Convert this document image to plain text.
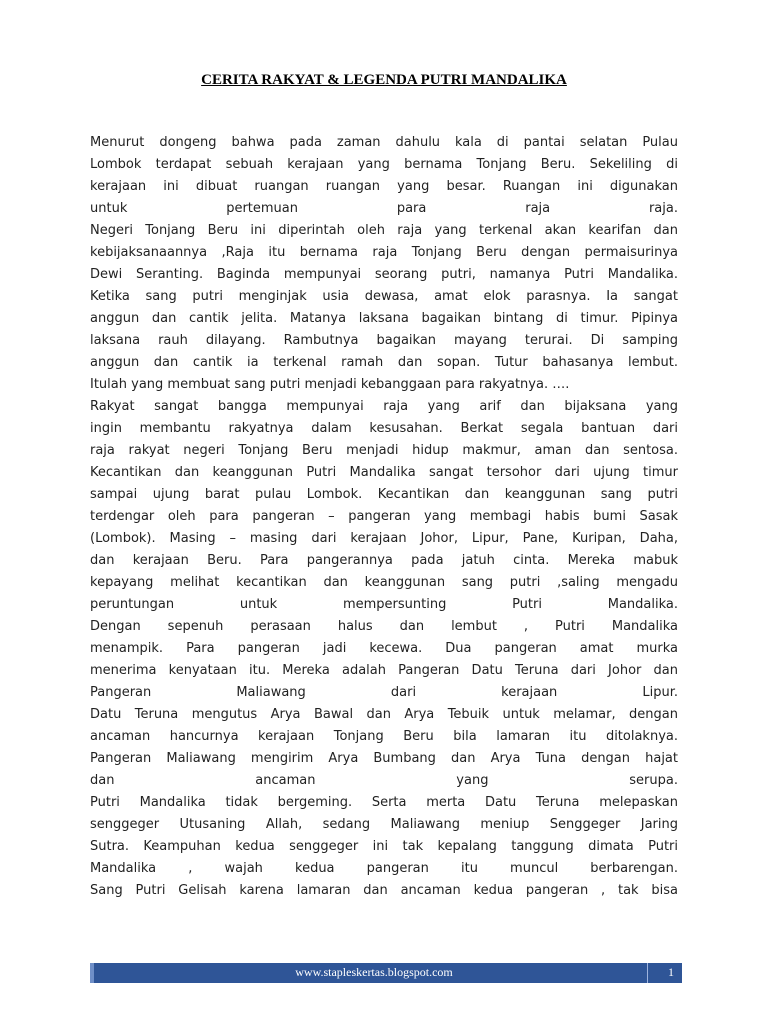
CERITA RAKYAT & LEGENDA PUTRI MANDALIKA
Menurut dongeng bahwa pada zaman dahulu kala di pantai selatan Pulau
Lombok terdapat sebuah kerajaan yang bernama Tonjang Beru. Sekeliling di
kerajaan ini dibuat ruangan ruangan yang besar. Ruangan ini digunakan
untuk pertemuan para raja raja.
Negeri Tonjang Beru ini diperintah oleh raja yang terkenal akan kearifan dan
kebijaksanaannya ,Raja itu bernama raja Tonjang Beru dengan permaisurinya
Dewi Seranting. Baginda mempunyai seorang putri, namanya Putri Mandalika.
Ketika sang putri menginjak usia dewasa, amat elok parasnya. Ia sangat
anggun dan cantik jelita. Matanya laksana bagaikan bintang di timur. Pipinya
laksana rauh dilayang. Rambutnya bagaikan mayang terurai. Di samping
anggun dan cantik ia terkenal ramah dan sopan. Tutur bahasanya lembut.
Itulah yang membuat sang putri menjadi kebanggaan para rakyatnya. ….
Rakyat sangat bangga mempunyai raja yang arif dan bijaksana yang
ingin membantu rakyatnya dalam kesusahan. Berkat segala bantuan dari
raja rakyat negeri Tonjang Beru menjadi hidup makmur, aman dan sentosa.
Kecantikan dan keanggunan Putri Mandalika sangat tersohor dari ujung timur
sampai ujung barat pulau Lombok. Kecantikan dan keanggunan sang putri
terdengar oleh para pangeran – pangeran yang membagi habis bumi Sasak
(Lombok). Masing – masing dari kerajaan Johor, Lipur, Pane, Kuripan, Daha,
dan kerajaan Beru. Para pangerannya pada jatuh cinta. Mereka mabuk
kepayang melihat kecantikan dan keanggunan sang putri ,saling mengadu
peruntungan untuk mempersunting Putri Mandalika.
Dengan sepenuh perasaan halus dan lembut , Putri Mandalika
menampik. Para pangeran jadi kecewa. Dua pangeran amat murka
menerima kenyataan itu. Mereka adalah Pangeran Datu Teruna dari Johor dan
Pangeran Maliawang dari kerajaan Lipur.
Datu Teruna mengutus Arya Bawal dan Arya Tebuik untuk melamar, dengan
ancaman hancurnya kerajaan Tonjang Beru bila lamaran itu ditolaknya.
Pangeran Maliawang mengirim Arya Bumbang dan Arya Tuna dengan hajat
dan ancaman yang serupa.
Putri Mandalika tidak bergeming. Serta merta Datu Teruna melepaskan
senggeger Utusaning Allah, sedang Maliawang meniup Senggeger Jaring
Sutra. Keampuhan kedua senggeger ini tak kepalang tanggung dimata Putri
Mandalika , wajah kedua pangeran itu muncul berbarengan.
Sang Putri Gelisah karena lamaran dan ancaman kedua pangeran , tak bisa
www.stapleskertas.blogspot.com	1
